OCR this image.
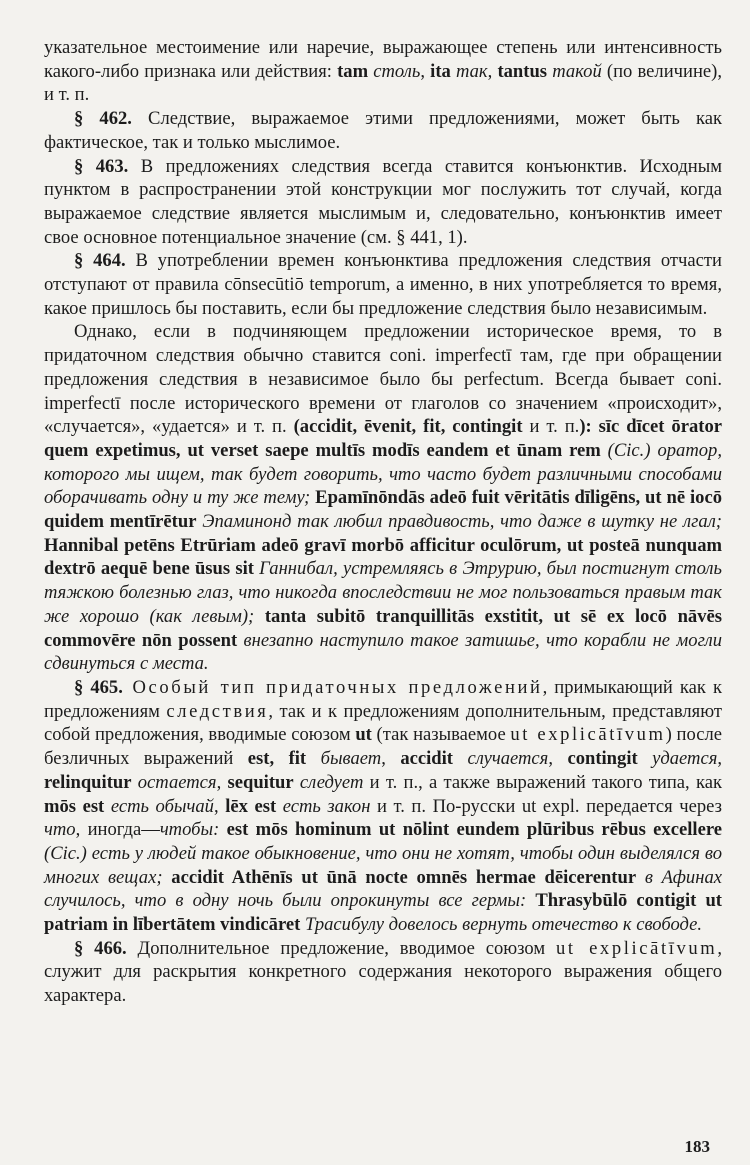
указательное местоимение или наречие, выражающее степень или интенсивность какого-либо признака или действия: tam столь, ita так, tantus такой (по величине), и т. п.

§ 462. Следствие, выражаемое этими предложениями, может быть как фактическое, так и только мыслимое.

§ 463. В предложениях следствия всегда ставится конъюнктив. Исходным пунктом в распространении этой конструкции мог послужить тот случай, когда выражаемое следствие является мыслимым и, следовательно, конъюнктив имеет свое основное потенциальное значение (см. § 441, 1).

§ 464. В употреблении времен конъюнктива предложения следствия отчасти отступают от правила cōnsecūtiō temporum, а именно, в них употребляется то время, какое пришлось бы поставить, если бы предложение следствия было независимым.

Однако, если в подчиняющем предложении историческое время, то в придаточном следствия обычно ставится coni. imperfectī там, где при обращении предложения следствия в независимое было бы perfectum. Всегда бывает coni. imperfectī после исторического времени от глаголов со значением «происходит», «случается», «удается» и т. п. (accidit, ēvenit, fit, contingit и т. п.): sīc dīcet ōrator quem expetimus, ut verset saepe multīs modīs eandem et ūnam rem (Cic.) оратор, которого мы ищем, так будет говорить, что часто будет различными способами оборачивать одну и ту же тему; Epamīnōndās adeō fuit vēritātis dīligēns, ut nē iocō quidem mentīrētur Эпаминонд так любил правдивость, что даже в шутку не лгал; Hannibal petēns Etrūriam adeō gravī morbō afficitur oculōrum, ut posteā nunquam dextrō aequē bene ūsus sit Ганнибал, устремляясь в Этрурию, был постигнут столь тяжкою болезнью глаз, что никогда впоследствии не мог пользоваться правым так же хорошо (как левым); tanta subitō tranquillitās exstitit, ut sē ex locō nāvēs commovēre nōn possent внезапно наступило такое затишье, что корабли не могли сдвинуться с места.

§ 465. Особый тип придаточных предложений, примыкающий как к предложениям следствия, так и к предложениям дополнительным, представляют собой предложения, вводимые союзом ut (так называемое ut explicātīvum) после безличных выражений est, fit бывает, accidit случается, contingit удается, relinquitur остается, sequitur следует и т. п., а также выражений такого типа, как mōs est есть обычай, lēx est есть закон и т. п. По-русски ut expl. передается через что, иногда—чтобы: est mōs hominum ut nōlint eundem plūribus rēbus excellere (Cic.) есть у людей такое обыкновение, что они не хотят, чтобы один выделялся во многих вещах; accidit Athēnīs ut ūnā nocte omnēs hermae dēicerentur в Афинах случилось, что в одну ночь были опрокинуты все гермы: Thrasybūlō contigit ut patriam in lībertātem vindicāret Трасибулу довелось вернуть отечество к свободе.

§ 466. Дополнительное предложение, вводимое союзом ut explicātīvum, служит для раскрытия конкретного содержания некоторого выражения общего характера.

183
